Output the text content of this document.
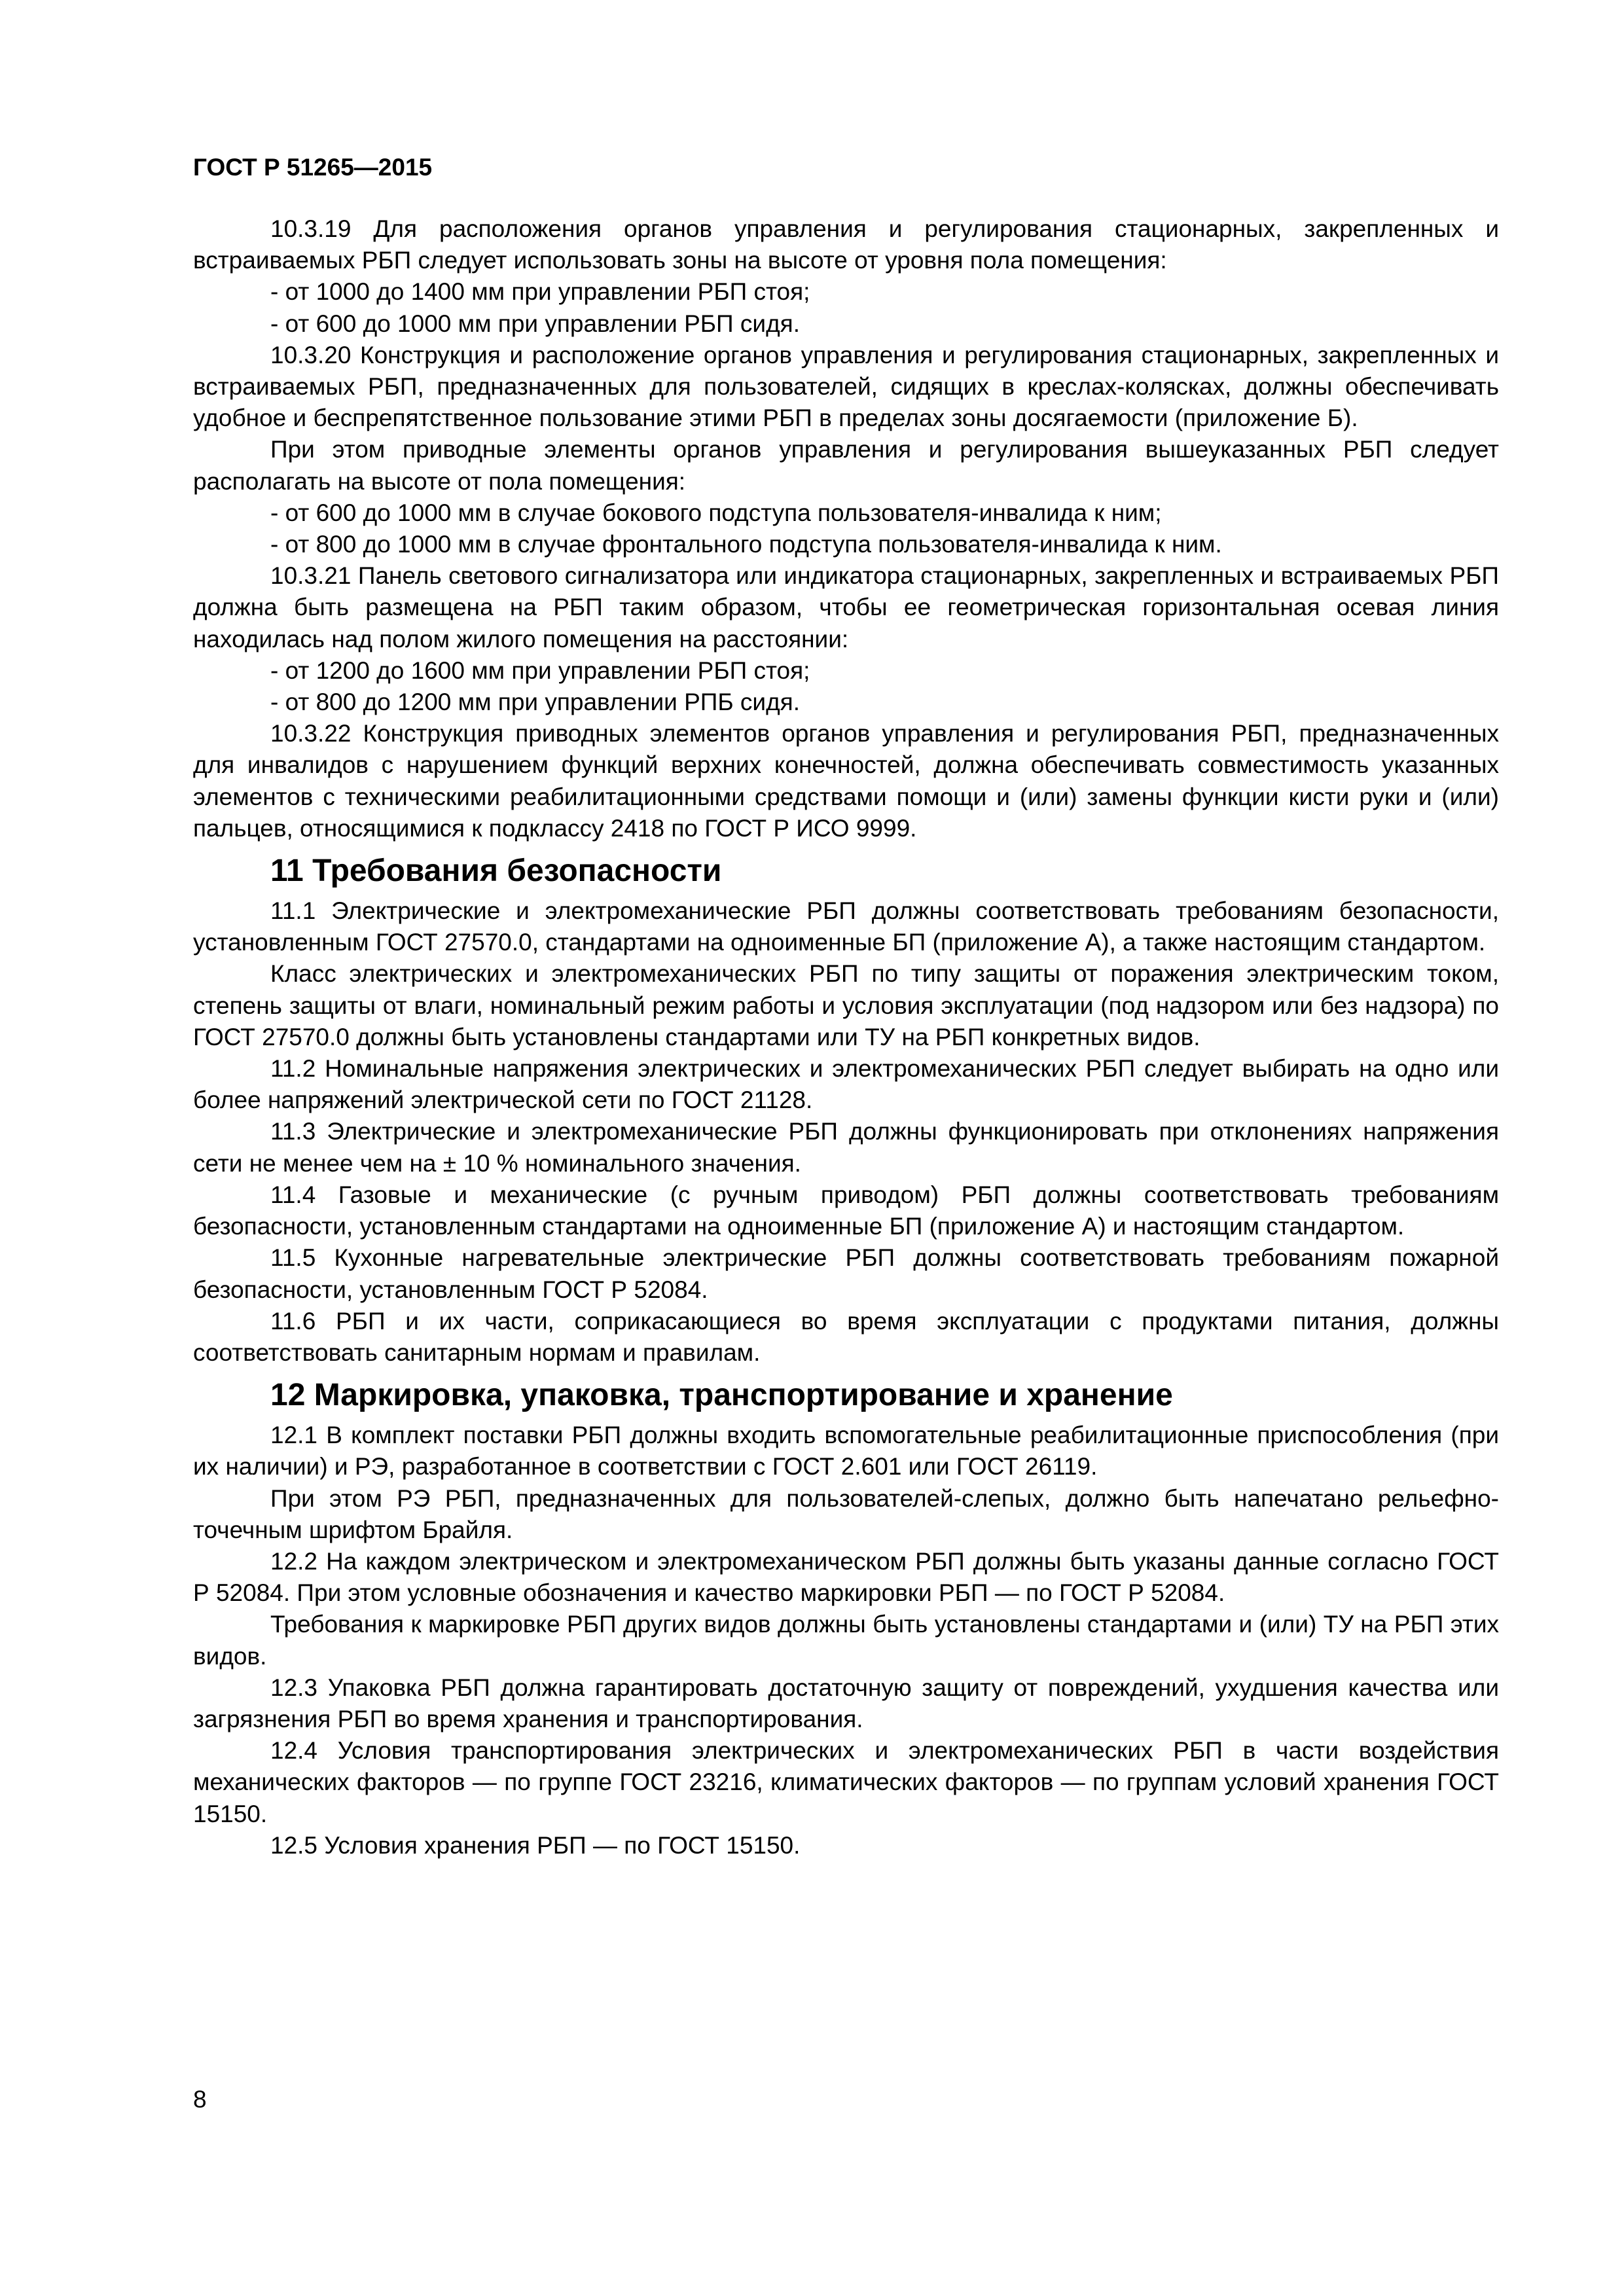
ГОСТ Р 51265—2015

10.3.19 Для расположения органов управления и регулирования стационарных, закрепленных и встраиваемых РБП следует использовать зоны на высоте от уровня пола помещения:

- от 1000 до 1400 мм при управлении РБП стоя;

- от 600 до 1000 мм при управлении РБП сидя.

10.3.20 Конструкция и расположение органов управления и регулирования стационарных, закрепленных и встраиваемых РБП, предназначенных для пользователей, сидящих в креслах-колясках, должны обеспечивать удобное и беспрепятственное пользование этими РБП в пределах зоны досягаемости (приложение Б).

При этом приводные элементы органов управления и регулирования вышеуказанных РБП следует располагать на высоте от пола помещения:

- от 600 до 1000 мм в случае бокового подступа пользователя-инвалида к ним;

- от 800 до 1000 мм в случае фронтального подступа пользователя-инвалида к ним.

10.3.21 Панель светового сигнализатора или индикатора стационарных, закрепленных и встраиваемых РБП должна быть размещена на РБП таким образом, чтобы ее геометрическая горизонтальная осевая линия находилась над полом жилого помещения на расстоянии:

- от 1200 до 1600 мм при управлении РБП стоя;

- от 800 до 1200 мм при управлении РПБ сидя.

10.3.22 Конструкция приводных элементов органов управления и регулирования РБП, предназначенных для инвалидов с нарушением функций верхних конечностей, должна обеспечивать совместимость указанных элементов с техническими реабилитационными средствами помощи и (или) замены функции кисти руки и (или) пальцев, относящимися к подклассу 2418 по ГОСТ Р ИСО 9999.

11 Требования безопасности

11.1 Электрические и электромеханические РБП должны соответствовать требованиям безопасности, установленным ГОСТ 27570.0, стандартами на одноименные БП (приложение А), а также настоящим стандартом.

Класс электрических и электромеханических РБП по типу защиты от поражения электрическим током, степень защиты от влаги, номинальный режим работы и условия эксплуатации (под надзором или без надзора) по ГОСТ 27570.0 должны быть установлены стандартами или ТУ на РБП конкретных видов.

11.2 Номинальные напряжения электрических и электромеханических РБП следует выбирать на одно или более напряжений электрической сети по ГОСТ 21128.

11.3 Электрические и электромеханические РБП должны функционировать при отклонениях напряжения сети не менее чем на ± 10 % номинального значения.

11.4 Газовые и механические (с ручным приводом) РБП должны соответствовать требованиям безопасности, установленным стандартами на одноименные БП (приложение А) и настоящим стандартом.

11.5 Кухонные нагревательные электрические РБП должны соответствовать требованиям пожарной безопасности, установленным ГОСТ Р 52084.

11.6 РБП и их части, соприкасающиеся во время эксплуатации с продуктами питания, должны соответствовать санитарным нормам и правилам.

12 Маркировка, упаковка, транспортирование и хранение

12.1 В комплект поставки РБП должны входить вспомогательные реабилитационные приспособления (при их наличии) и РЭ, разработанное в соответствии с ГОСТ 2.601 или ГОСТ 26119.

При этом РЭ РБП, предназначенных для пользователей-слепых, должно быть напечатано рельефно-точечным шрифтом Брайля.

12.2 На каждом электрическом и электромеханическом РБП должны быть указаны данные согласно ГОСТ Р 52084. При этом условные обозначения и качество маркировки РБП — по ГОСТ Р 52084.

Требования к маркировке РБП других видов должны быть установлены стандартами и (или) ТУ на РБП этих видов.

12.3 Упаковка РБП должна гарантировать достаточную защиту от повреждений, ухудшения качества или загрязнения РБП во время хранения и транспортирования.

12.4 Условия транспортирования электрических и электромеханических РБП в части воздействия механических факторов — по группе ГОСТ 23216, климатических факторов — по группам условий хранения ГОСТ 15150.

12.5 Условия хранения РБП — по ГОСТ 15150.

8
